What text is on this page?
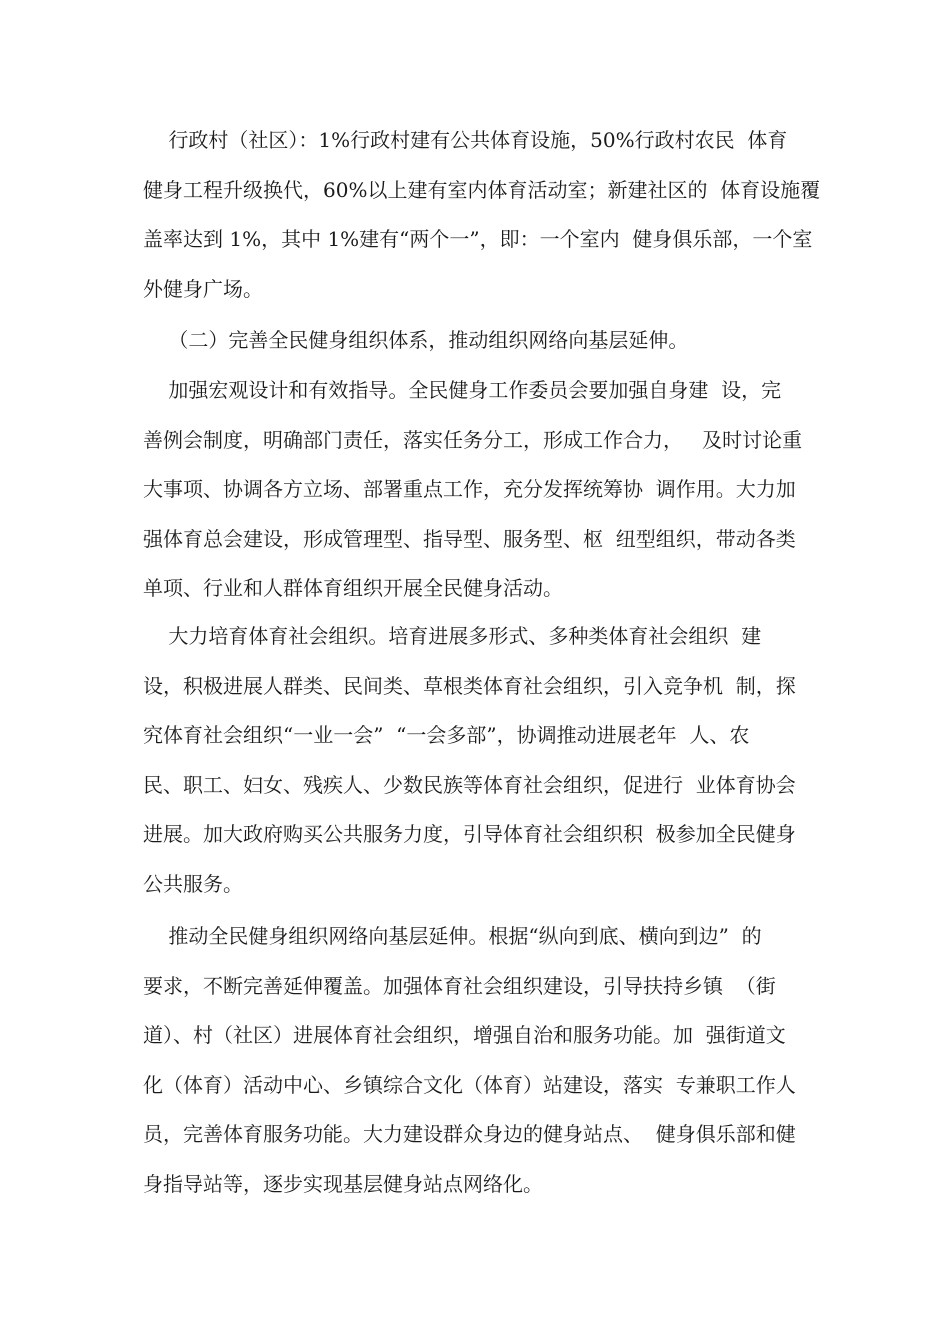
行政村（社区）：1%行政村建有公共体育设施，50%行政村农民  体育
健身工程升级换代，60%以上建有室内体育活动室；新建社区的  体育设施覆
盖率达到 1%，其中 1%建有“两个一”，即：一个室内  健身俱乐部，一个室
外健身广场。
（二）完善全民健身组织体系，推动组织网络向基层延伸。
加强宏观设计和有效指导。全民健身工作委员会要加强自身建  设，完
善例会制度，明确部门责任，落实任务分工，形成工作合力，   及时讨论重
大事项、协调各方立场、部署重点工作，充分发挥统筹协  调作用。大力加
强体育总会建设，形成管理型、指导型、服务型、枢  纽型组织，带动各类
单项、行业和人群体育组织开展全民健身活动。
大力培育体育社会组织。培育进展多形式、多种类体育社会组织  建
设，积极进展人群类、民间类、草根类体育社会组织，引入竞争机  制，探
究体育社会组织“一业一会”  “一会多部”，协调推动进展老年  人、农
民、职工、妇女、残疾人、少数民族等体育社会组织，促进行  业体育协会
进展。加大政府购买公共服务力度，引导体育社会组织积  极参加全民健身
公共服务。
推动全民健身组织网络向基层延伸。根据“纵向到底、横向到边”  的
要求，不断完善延伸覆盖。加强体育社会组织建设，引导扶持乡镇  （街
道）、村（社区）进展体育社会组织，增强自治和服务功能。加  强街道文
化（体育）活动中心、乡镇综合文化（体育）站建设，落实  专兼职工作人
员，完善体育服务功能。大力建设群众身边的健身站点、  健身俱乐部和健
身指导站等，逐步实现基层健身站点网络化。
